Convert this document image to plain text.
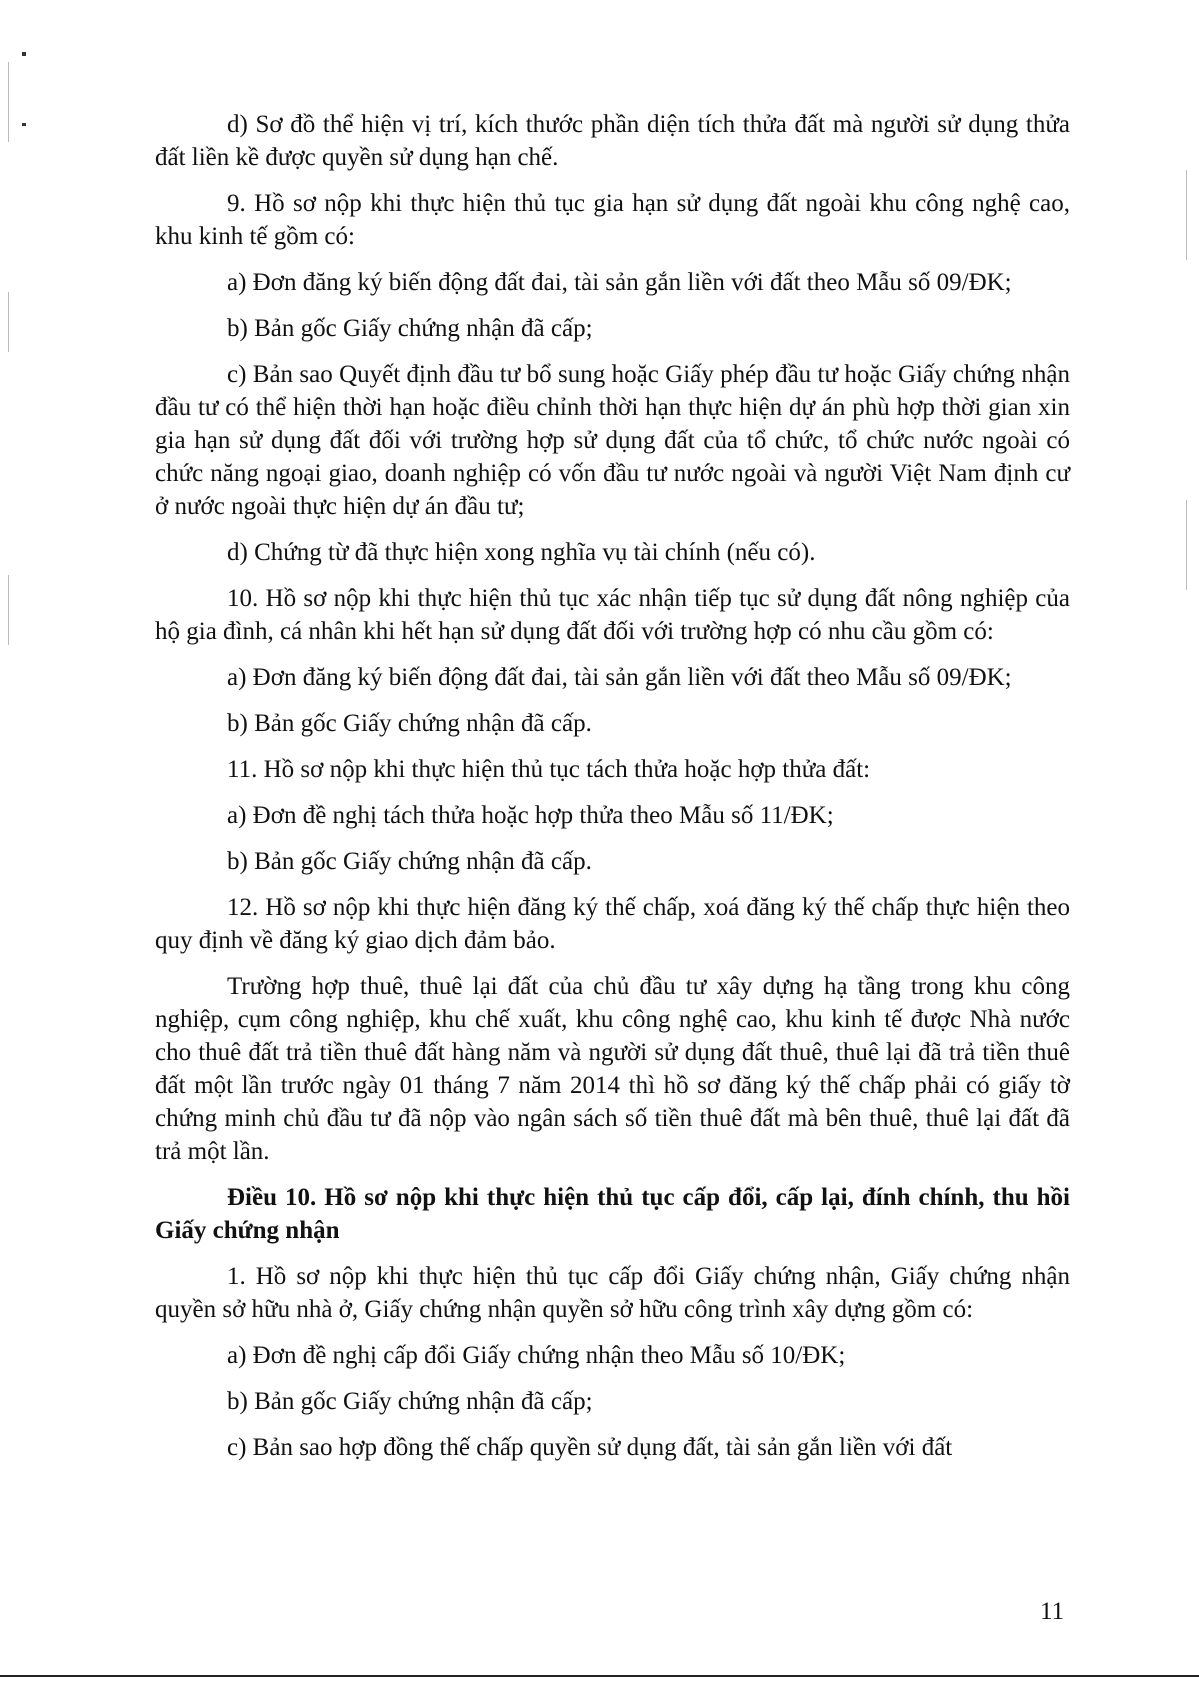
d) Sơ đồ thể hiện vị trí, kích thước phần diện tích thửa đất mà người sử dụng thửa đất liền kề được quyền sử dụng hạn chế.

9. Hồ sơ nộp khi thực hiện thủ tục gia hạn sử dụng đất ngoài khu công nghệ cao, khu kinh tế gồm có:

a) Đơn đăng ký biến động đất đai, tài sản gắn liền với đất theo Mẫu số 09/ĐK;

b) Bản gốc Giấy chứng nhận đã cấp;

c) Bản sao Quyết định đầu tư bổ sung hoặc Giấy phép đầu tư hoặc Giấy chứng nhận đầu tư có thể hiện thời hạn hoặc điều chỉnh thời hạn thực hiện dự án phù hợp thời gian xin gia hạn sử dụng đất đối với trường hợp sử dụng đất của tổ chức, tổ chức nước ngoài có chức năng ngoại giao, doanh nghiệp có vốn đầu tư nước ngoài và người Việt Nam định cư ở nước ngoài thực hiện dự án đầu tư;

d) Chứng từ đã thực hiện xong nghĩa vụ tài chính (nếu có).

10. Hồ sơ nộp khi thực hiện thủ tục xác nhận tiếp tục sử dụng đất nông nghiệp của hộ gia đình, cá nhân khi hết hạn sử dụng đất đối với trường hợp có nhu cầu gồm có:

a) Đơn đăng ký biến động đất đai, tài sản gắn liền với đất theo Mẫu số 09/ĐK;

b) Bản gốc Giấy chứng nhận đã cấp.

11. Hồ sơ nộp khi thực hiện thủ tục tách thửa hoặc hợp thửa đất:

a) Đơn đề nghị tách thửa hoặc hợp thửa theo Mẫu số 11/ĐK;

b) Bản gốc Giấy chứng nhận đã cấp.

12. Hồ sơ nộp khi thực hiện đăng ký thế chấp, xoá đăng ký thế chấp thực hiện theo quy định về đăng ký giao dịch đảm bảo.

Trường hợp thuê, thuê lại đất của chủ đầu tư xây dựng hạ tầng trong khu công nghiệp, cụm công nghiệp, khu chế xuất, khu công nghệ cao, khu kinh tế được Nhà nước cho thuê đất trả tiền thuê đất hàng năm và người sử dụng đất thuê, thuê lại đã trả tiền thuê đất một lần trước ngày 01 tháng 7 năm 2014 thì hồ sơ đăng ký thế chấp phải có giấy tờ chứng minh chủ đầu tư đã nộp vào ngân sách số tiền thuê đất mà bên thuê, thuê lại đất đã trả một lần.

Điều 10. Hồ sơ nộp khi thực hiện thủ tục cấp đổi, cấp lại, đính chính, thu hồi Giấy chứng nhận

1. Hồ sơ nộp khi thực hiện thủ tục cấp đổi Giấy chứng nhận, Giấy chứng nhận quyền sở hữu nhà ở, Giấy chứng nhận quyền sở hữu công trình xây dựng gồm có:

a) Đơn đề nghị cấp đổi Giấy chứng nhận theo Mẫu số 10/ĐK;

b) Bản gốc Giấy chứng nhận đã cấp;

c) Bản sao hợp đồng thế chấp quyền sử dụng đất, tài sản gắn liền với đất

11
